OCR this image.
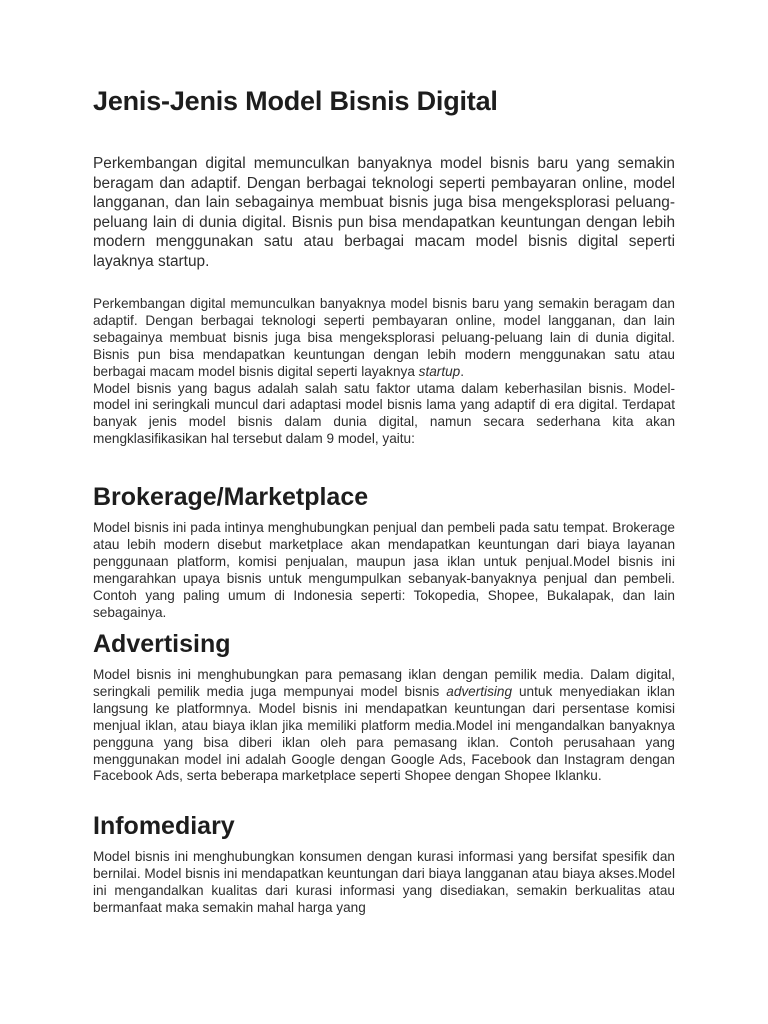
Jenis-Jenis Model Bisnis Digital

Perkembangan digital memunculkan banyaknya model bisnis baru yang semakin beragam dan adaptif. Dengan berbagai teknologi seperti pembayaran online, model langganan, dan lain sebagainya membuat bisnis juga bisa mengeksplorasi peluang-peluang lain di dunia digital. Bisnis pun bisa mendapatkan keuntungan dengan lebih modern menggunakan satu atau berbagai macam model bisnis digital seperti layaknya startup.

Perkembangan digital memunculkan banyaknya model bisnis baru yang semakin beragam dan adaptif. Dengan berbagai teknologi seperti pembayaran online, model langganan, dan lain sebagainya membuat bisnis juga bisa mengeksplorasi peluang-peluang lain di dunia digital. Bisnis pun bisa mendapatkan keuntungan dengan lebih modern menggunakan satu atau berbagai macam model bisnis digital seperti layaknya startup.

Model bisnis yang bagus adalah salah satu faktor utama dalam keberhasilan bisnis. Model-model ini seringkali muncul dari adaptasi model bisnis lama yang adaptif di era digital. Terdapat banyak jenis model bisnis dalam dunia digital, namun secara sederhana kita akan mengklasifikasikan hal tersebut dalam 9 model, yaitu:

Brokerage/Marketplace

Model bisnis ini pada intinya menghubungkan penjual dan pembeli pada satu tempat. Brokerage atau lebih modern disebut marketplace akan mendapatkan keuntungan dari biaya layanan penggunaan platform, komisi penjualan, maupun jasa iklan untuk penjual.Model bisnis ini mengarahkan upaya bisnis untuk mengumpulkan sebanyak-banyaknya penjual dan pembeli. Contoh yang paling umum di Indonesia seperti: Tokopedia, Shopee, Bukalapak, dan lain sebagainya.

Advertising

Model bisnis ini menghubungkan para pemasang iklan dengan pemilik media. Dalam digital, seringkali pemilik media juga mempunyai model bisnis advertising untuk menyediakan iklan langsung ke platformnya. Model bisnis ini mendapatkan keuntungan dari persentase komisi menjual iklan, atau biaya iklan jika memiliki platform media.Model ini mengandalkan banyaknya pengguna yang bisa diberi iklan oleh para pemasang iklan. Contoh perusahaan yang menggunakan model ini adalah Google dengan Google Ads, Facebook dan Instagram dengan Facebook Ads, serta beberapa marketplace seperti Shopee dengan Shopee Iklanku.

Infomediary

Model bisnis ini menghubungkan konsumen dengan kurasi informasi yang bersifat spesifik dan bernilai. Model bisnis ini mendapatkan keuntungan dari biaya langganan atau biaya akses.Model ini mengandalkan kualitas dari kurasi informasi yang disediakan, semakin berkualitas atau bermanfaat maka semakin mahal harga yang
